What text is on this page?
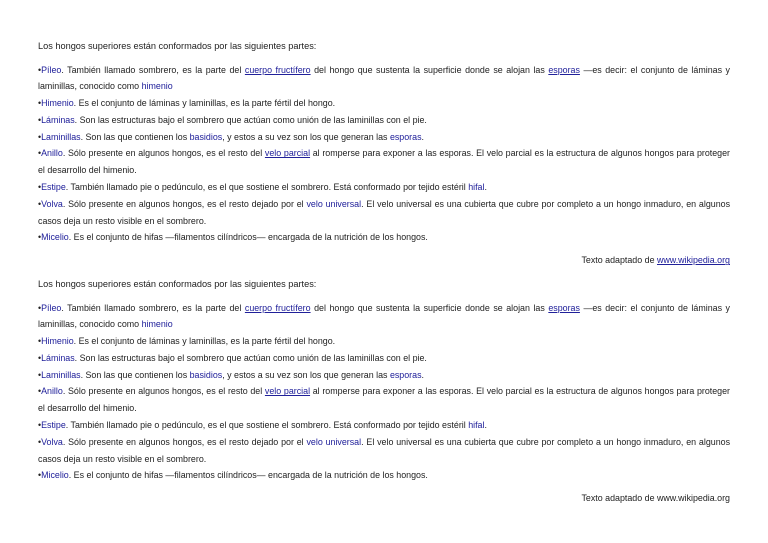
Los hongos superiores están conformados por las siguientes partes:

•Píleo. También llamado sombrero, es la parte del cuerpo fructífero del hongo que sustenta la superficie donde se alojan las esporas —es decir: el conjunto de láminas y laminillas, conocido como himenio

•Himenio. Es el conjunto de láminas y laminillas, es la parte fértil del hongo.

•Láminas. Son las estructuras bajo el sombrero que actúan como unión de las laminillas con el pie.

•Laminillas. Son las que contienen los basidios, y estos a su vez son los que generan las esporas.

•Anillo. Sólo presente en algunos hongos, es el resto del velo parcial al romperse para exponer a las esporas. El velo parcial es la estructura de algunos hongos para proteger el desarrollo del himenio.

•Estipe. También llamado pie o pedúnculo, es el que sostiene el sombrero. Está conformado por tejido estéril hifal.

•Volva. Sólo presente en algunos hongos, es el resto dejado por el velo universal. El velo universal es una cubierta que cubre por completo a un hongo inmaduro, en algunos casos deja un resto visible en el sombrero.

•Micelio. Es el conjunto de hifas —filamentos cilíndricos— encargada de la nutrición de los hongos.

Texto adaptado de www.wikipedia.org
Los hongos superiores están conformados por las siguientes partes:

•Píleo. También llamado sombrero, es la parte del cuerpo fructífero del hongo que sustenta la superficie donde se alojan las esporas —es decir: el conjunto de láminas y laminillas, conocido como himenio

•Himenio. Es el conjunto de láminas y laminillas, es la parte fértil del hongo.

•Láminas. Son las estructuras bajo el sombrero que actúan como unión de las laminillas con el pie.

•Laminillas. Son las que contienen los basidios, y estos a su vez son los que generan las esporas.

•Anillo. Sólo presente en algunos hongos, es el resto del velo parcial al romperse para exponer a las esporas. El velo parcial es la estructura de algunos hongos para proteger el desarrollo del himenio.

•Estipe. También llamado pie o pedúnculo, es el que sostiene el sombrero. Está conformado por tejido estéril hifal.

•Volva. Sólo presente en algunos hongos, es el resto dejado por el velo universal. El velo universal es una cubierta que cubre por completo a un hongo inmaduro, en algunos casos deja un resto visible en el sombrero.

•Micelio. Es el conjunto de hifas —filamentos cilíndricos— encargada de la nutrición de los hongos.

Texto adaptado de www.wikipedia.org
